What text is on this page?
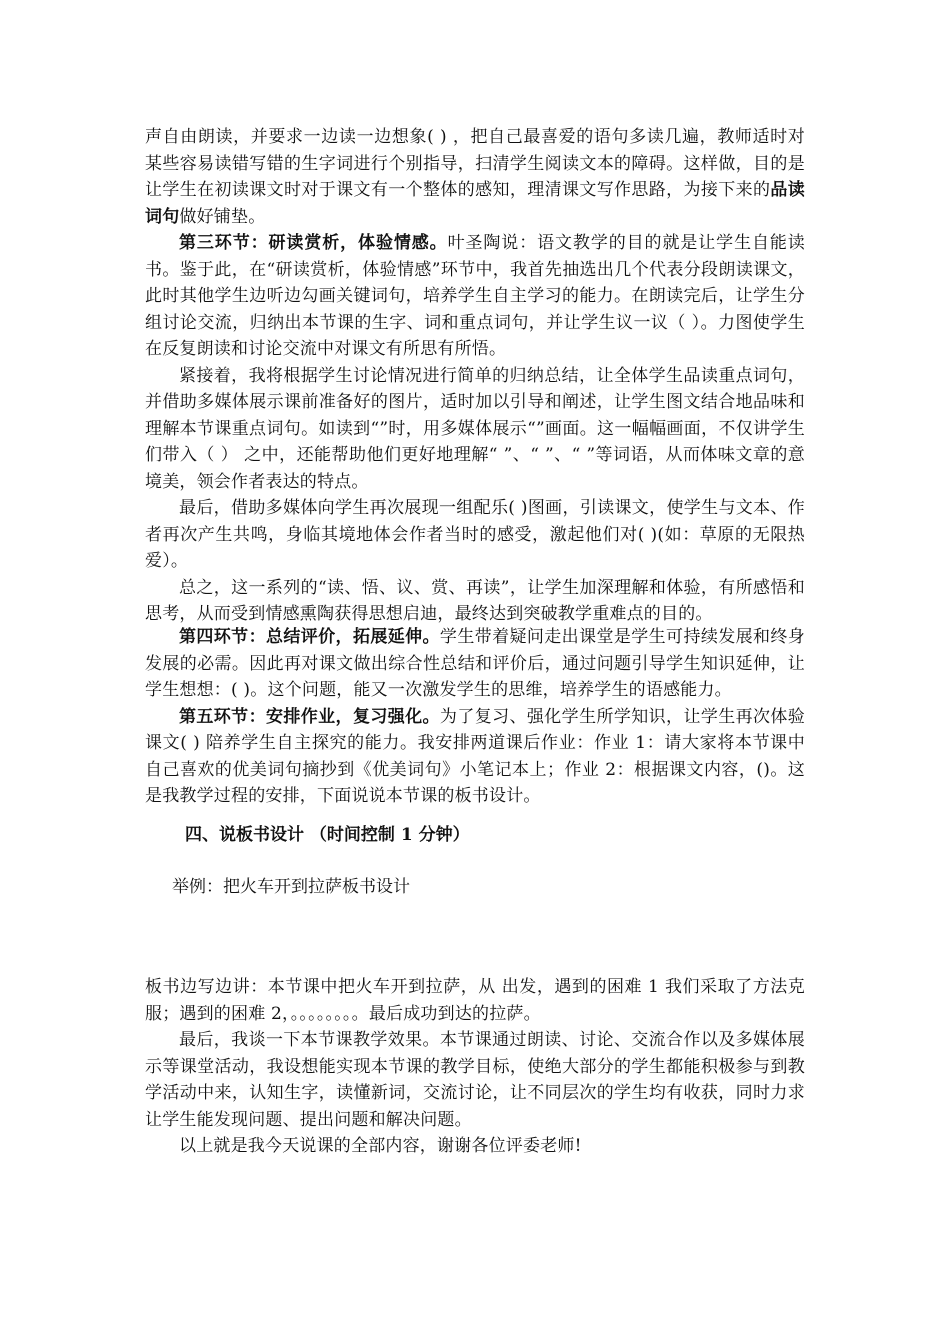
声自由朗读，并要求一边读一边想象( ) ，把自己最喜爱的语句多读几遍，教师适时对某些容易读错写错的生字词进行个别指导，扫清学生阅读文本的障碍。这样做，目的是让学生在初读课文时对于课文有一个整体的感知，理清课文写作思路，为接下来的品读词句做好铺垫。

第三环节：研读赏析，体验情感。叶圣陶说：语文教学的目的就是让学生自能读书。鉴于此，在“研读赏析，体验情感”环节中，我首先抽选出几个代表分段朗读课文，此时其他学生边听边勾画关键词句，培养学生自主学习的能力。在朗读完后，让学生分组讨论交流，归纳出本节课的生字、词和重点词句，并让学生议一议（ ）。力图使学生在反复朗读和讨论交流中对课文有所思有所悟。

紧接着，我将根据学生讨论情况进行简单的归纳总结，让全体学生品读重点词句，并借助多媒体展示课前准备好的图片，适时加以引导和阐述，让学生图文结合地品味和理解本节课重点词句。如读到“”时，用多媒体展示“”画面。这一幅幅画面，不仅讲学生们带入（ ） 之中，还能帮助他们更好地理解“ ”、“ ”、“ ”等词语，从而体味文章的意境美，领会作者表达的特点。

最后，借助多媒体向学生再次展现一组配乐( )图画，引读课文，使学生与文本、作者再次产生共鸣，身临其境地体会作者当时的感受，激起他们对( )(如：草原的无限热爱）。

总之，这一系列的“读、悟、议、赏、再读”，让学生加深理解和体验，有所感悟和思考，从而受到情感熏陶获得思想启迪，最终达到突破教学重难点的目的。

第四环节：总结评价，拓展延伸。学生带着疑问走出课堂是学生可持续发展和终身发展的必需。因此再对课文做出综合性总结和评价后，通过问题引导学生知识延伸，让学生想想：( )。这个问题，能又一次激发学生的思维，培养学生的语感能力。

第五环节：安排作业，复习强化。为了复习、强化学生所学知识，让学生再次体验课文( ) 陪养学生自主探究的能力。我安排两道课后作业：作业 1：请大家将本节课中自己喜欢的优美词句摘抄到《优美词句》小笔记本上；作业 2：根据课文内容，()。这是我教学过程的安排，下面说说本节课的板书设计。

四、说板书设计 （时间控制 1 分钟）
举例：把火车开到拉萨板书设计

板书边写边讲：本节课中把火车开到拉萨，从 出发，遇到的困难 1 我们采取了方法克服；遇到的困难 2，。。。。。。。。最后成功到达的拉萨。

最后，我谈一下本节课教学效果。本节课通过朗读、讨论、交流合作以及多媒体展示等课堂活动，我设想能实现本节课的教学目标，使绝大部分的学生都能积极参与到教学活动中来，认知生字，读懂新词，交流讨论，让不同层次的学生均有收获，同时力求让学生能发现问题、提出问题和解决问题。

以上就是我今天说课的全部内容，谢谢各位评委老师!
